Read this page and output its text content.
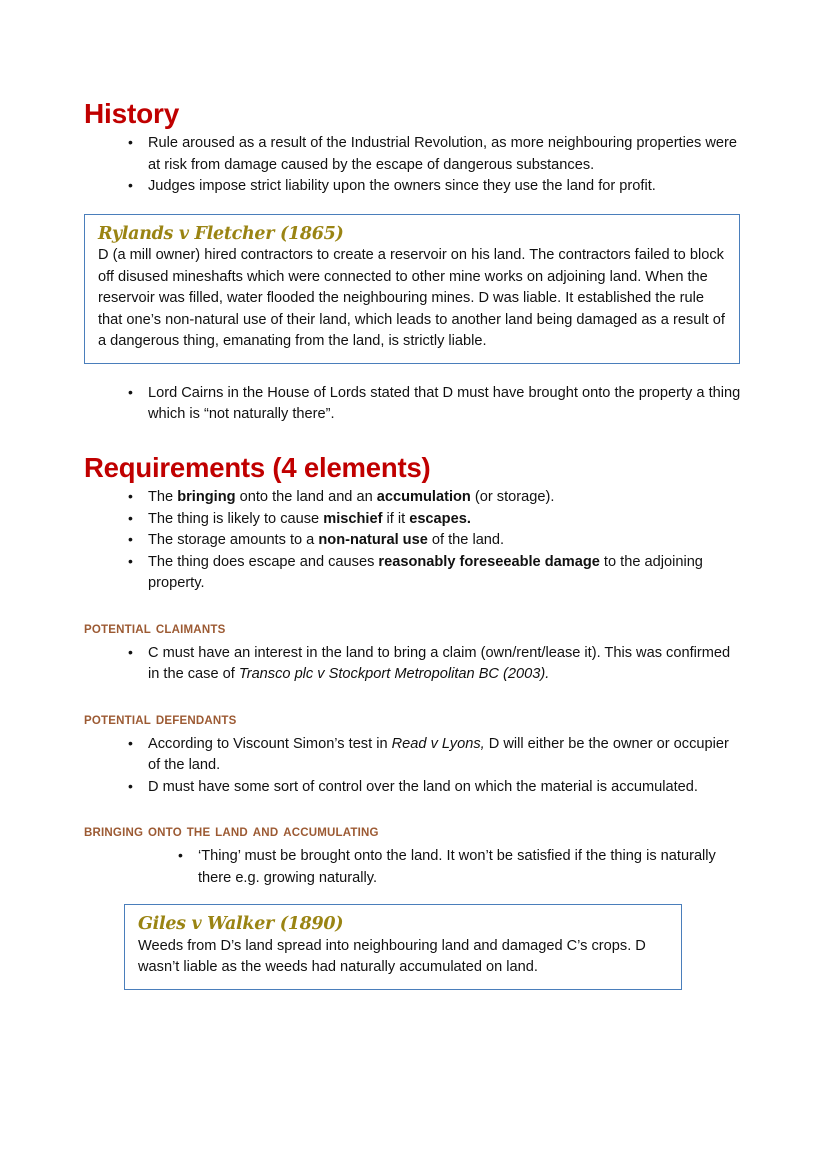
History
• Rule aroused as a result of the Industrial Revolution, as more neighbouring properties were at risk from damage caused by the escape of dangerous substances.
• Judges impose strict liability upon the owners since they use the land for profit.
Rylands v Fletcher (1865)

D (a mill owner) hired contractors to create a reservoir on his land. The contractors failed to block off disused mineshafts which were connected to other mine works on adjoining land. When the reservoir was filled, water flooded the neighbouring mines. D was liable. It established the rule that one’s non-natural use of their land, which leads to another land being damaged as a result of a dangerous thing, emanating from the land, is strictly liable.

• Lord Cairns in the House of Lords stated that D must have brought onto the property a thing which is “not naturally there”.
Requirements (4 elements)
• The bringing onto the land and an accumulation (or storage).
• The thing is likely to cause mischief if it escapes.
• The storage amounts to a non-natural use of the land.
• The thing does escape and causes reasonably foreseeable damage to the adjoining property.
potential claimants
• C must have an interest in the land to bring a claim (own/rent/lease it). This was confirmed in the case of Transco plc v Stockport Metropolitan BC (2003).
potential defendants
• According to Viscount Simon’s test in Read v Lyons, D will either be the owner or occupier of the land.
• D must have some sort of control over the land on which the material is accumulated.
bringing onto the land and accumulating
• ‘Thing’ must be brought onto the land. It won’t be satisfied if the thing is naturally there e.g. growing naturally.
Giles v Walker (1890)

Weeds from D’s land spread into neighbouring land and damaged C’s crops. D wasn’t liable as the weeds had naturally accumulated on land.
